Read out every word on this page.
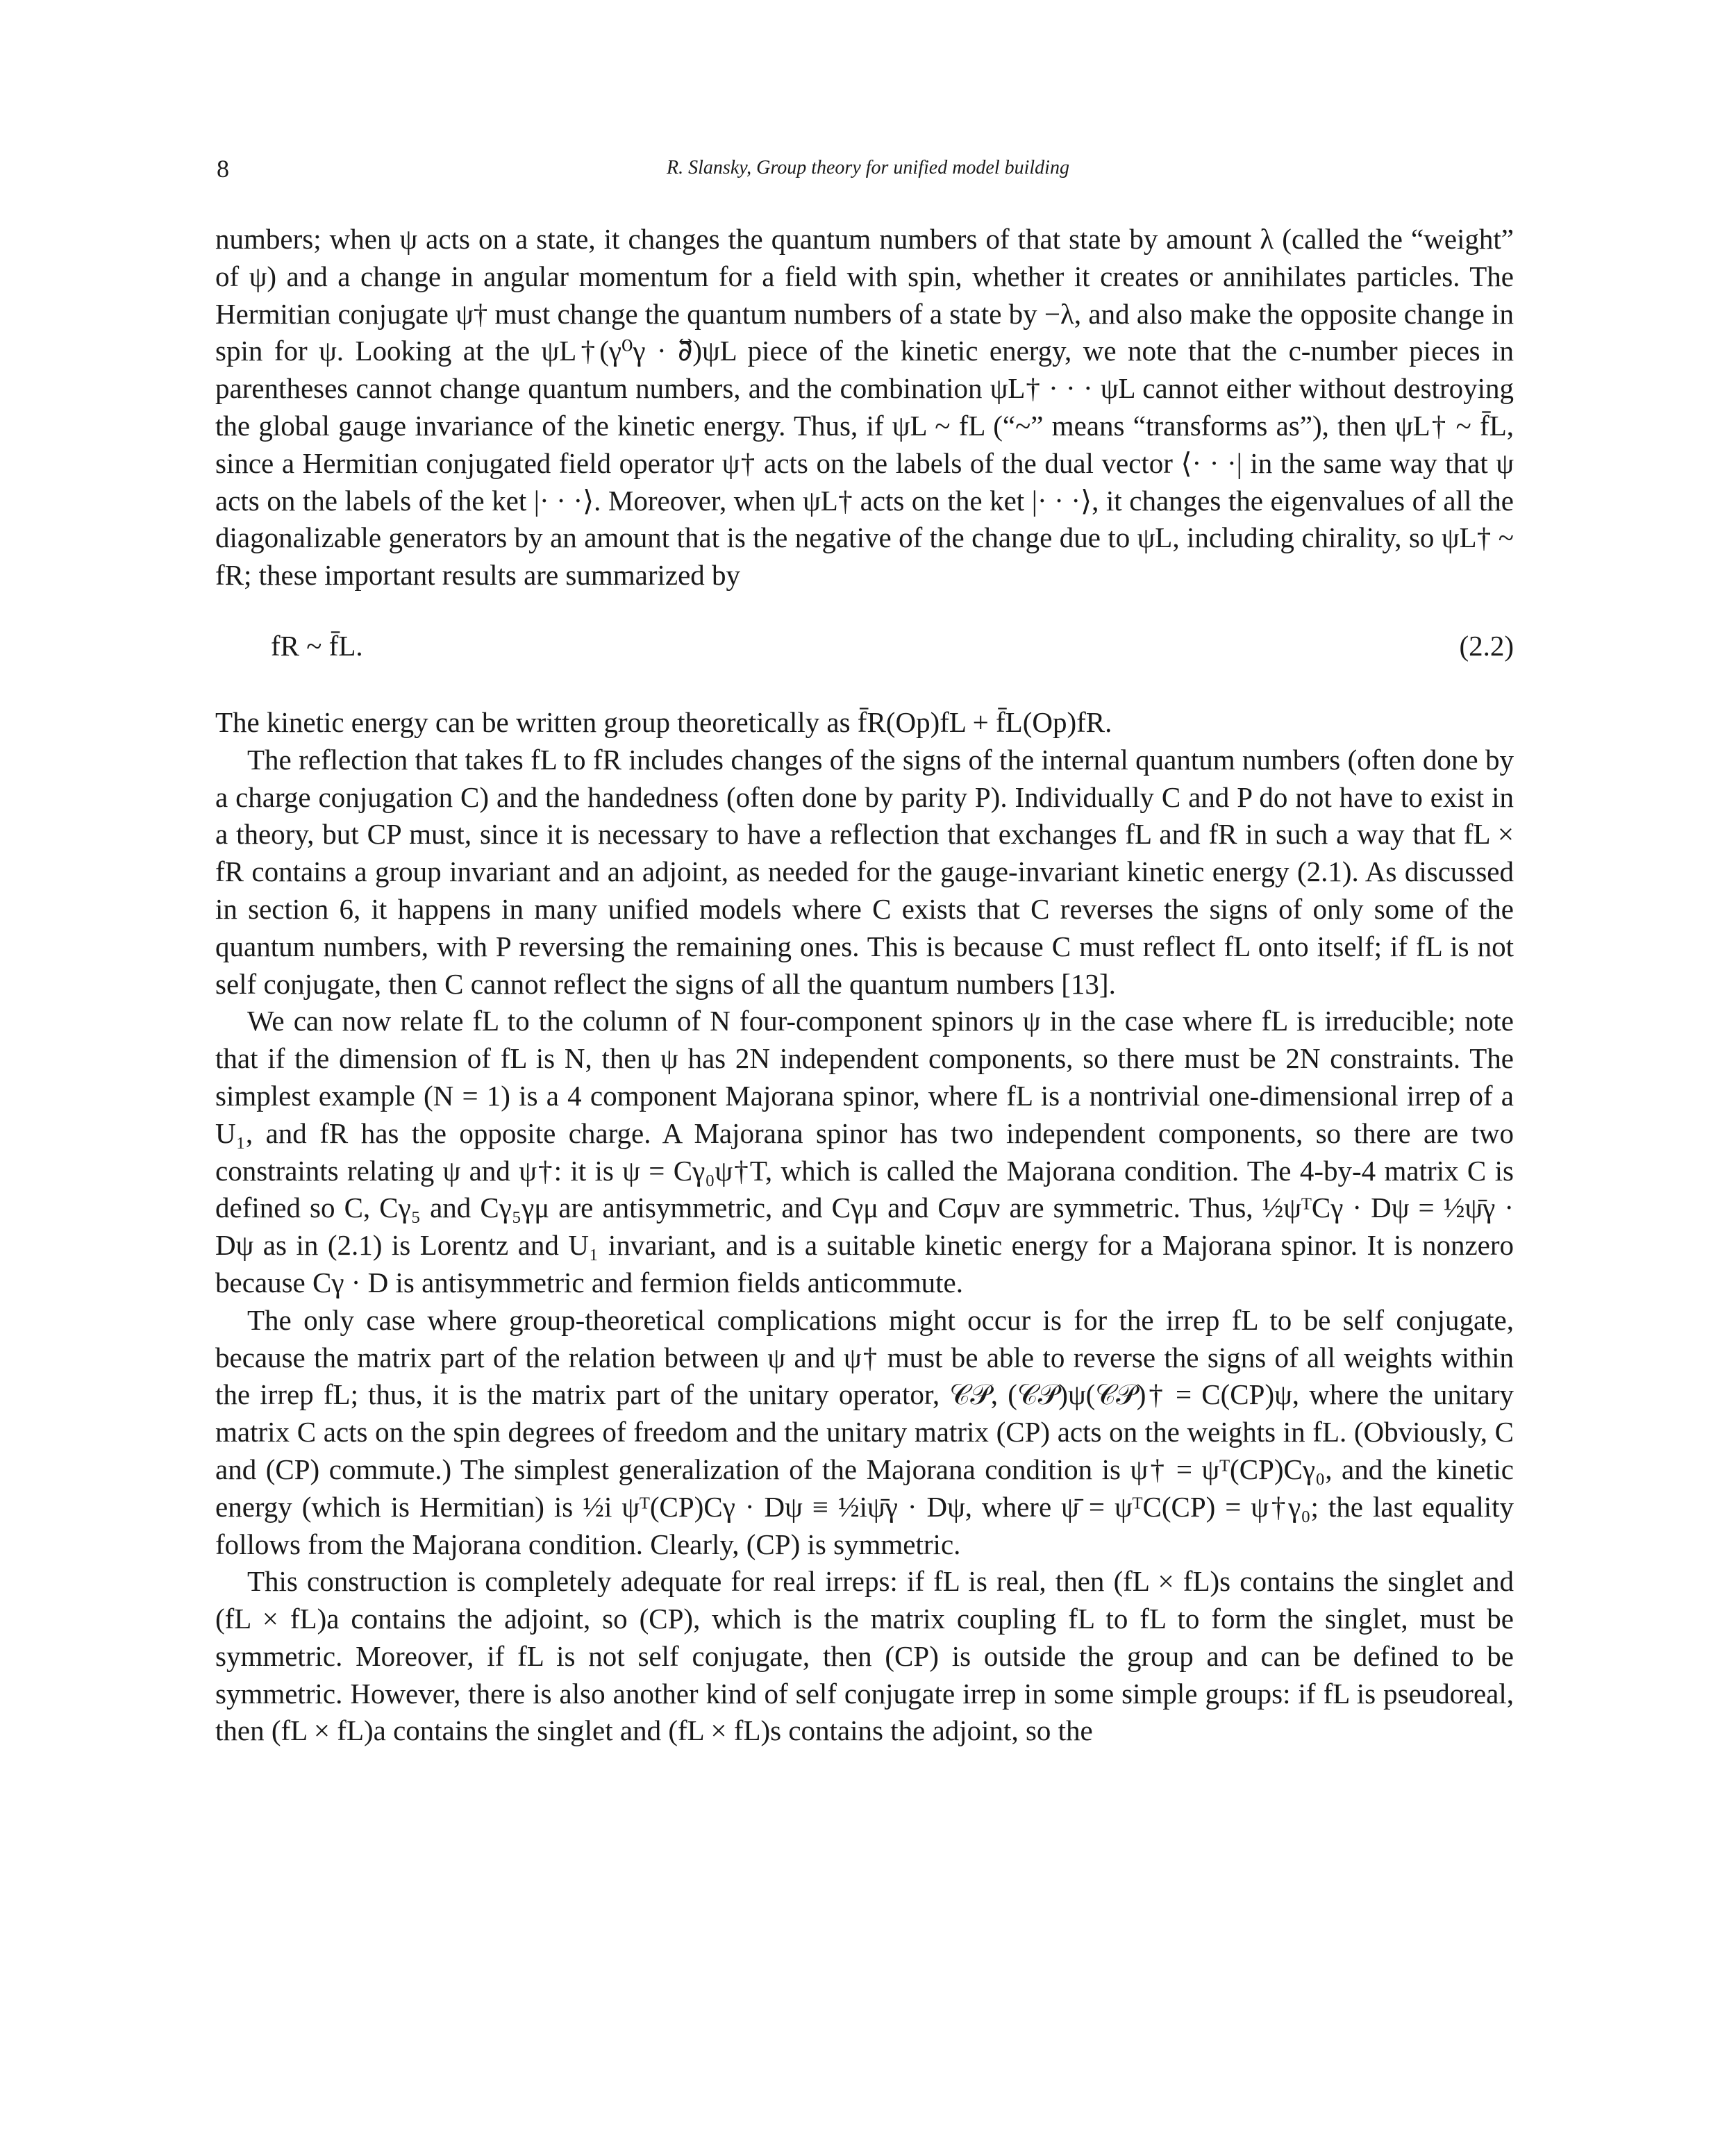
8	R. Slansky, Group theory for unified model building

numbers; when ψ acts on a state, it changes the quantum numbers of that state by amount λ (called the “weight” of ψ) and a change in angular momentum for a field with spin, whether it creates or annihilates particles. The Hermitian conjugate ψ† must change the quantum numbers of a state by −λ, and also make the opposite change in spin for ψ. Looking at the ψL†(γ⁰γ · ∂⃡)ψL piece of the kinetic energy, we note that the c-number pieces in parentheses cannot change quantum numbers, and the combination ψL† · · · ψL cannot either without destroying the global gauge invariance of the kinetic energy. Thus, if ψL ~ fL (“~” means “transforms as”), then ψL† ~ f̄L, since a Hermitian conjugated field operator ψ† acts on the labels of the dual vector ⟨· · ·| in the same way that ψ acts on the labels of the ket |· · ·⟩. Moreover, when ψL† acts on the ket |· · ·⟩, it changes the eigenvalues of all the diagonalizable generators by an amount that is the negative of the change due to ψL, including chirality, so ψL† ~ fR; these important results are summarized by

fR ~ f̄L.	(2.2)

The kinetic energy can be written group theoretically as f̄R(Op)fL + f̄L(Op)fR.

The reflection that takes fL to fR includes changes of the signs of the internal quantum numbers (often done by a charge conjugation C) and the handedness (often done by parity P). Individually C and P do not have to exist in a theory, but CP must, since it is necessary to have a reflection that exchanges fL and fR in such a way that fL × fR contains a group invariant and an adjoint, as needed for the gauge-invariant kinetic energy (2.1). As discussed in section 6, it happens in many unified models where C exists that C reverses the signs of only some of the quantum numbers, with P reversing the remaining ones. This is because C must reflect fL onto itself; if fL is not self conjugate, then C cannot reflect the signs of all the quantum numbers [13].

We can now relate fL to the column of N four-component spinors ψ in the case where fL is irreducible; note that if the dimension of fL is N, then ψ has 2N independent components, so there must be 2N constraints. The simplest example (N = 1) is a 4 component Majorana spinor, where fL is a nontrivial one-dimensional irrep of a U₁, and fR has the opposite charge. A Majorana spinor has two independent components, so there are two constraints relating ψ and ψ†: it is ψ = Cγ₀ψ†T, which is called the Majorana condition. The 4-by-4 matrix C is defined so C, Cγ₅ and Cγ₅γμ are antisymmetric, and Cγμ and Cσμν are symmetric. Thus, ½ψᵀCγ · Dψ = ½ψ̄γ · Dψ as in (2.1) is Lorentz and U₁ invariant, and is a suitable kinetic energy for a Majorana spinor. It is nonzero because Cγ · D is antisymmetric and fermion fields anticommute.

The only case where group-theoretical complications might occur is for the irrep fL to be self conjugate, because the matrix part of the relation between ψ and ψ† must be able to reverse the signs of all weights within the irrep fL; thus, it is the matrix part of the unitary operator, 𝒞𝒫, (𝒞𝒫)ψ(𝒞𝒫)† = C(CP)ψ, where the unitary matrix C acts on the spin degrees of freedom and the unitary matrix (CP) acts on the weights in fL. (Obviously, C and (CP) commute.) The simplest generalization of the Majorana condition is ψ† = ψᵀ(CP)Cγ₀, and the kinetic energy (which is Hermitian) is ½i ψᵀ(CP)Cγ · Dψ ≡ ½iψ̄γ · Dψ, where ψ̄ = ψᵀC(CP) = ψ†γ₀; the last equality follows from the Majorana condition. Clearly, (CP) is symmetric.

This construction is completely adequate for real irreps: if fL is real, then (fL × fL)s contains the singlet and (fL × fL)a contains the adjoint, so (CP), which is the matrix coupling fL to fL to form the singlet, must be symmetric. Moreover, if fL is not self conjugate, then (CP) is outside the group and can be defined to be symmetric. However, there is also another kind of self conjugate irrep in some simple groups: if fL is pseudoreal, then (fL × fL)a contains the singlet and (fL × fL)s contains the adjoint, so the
